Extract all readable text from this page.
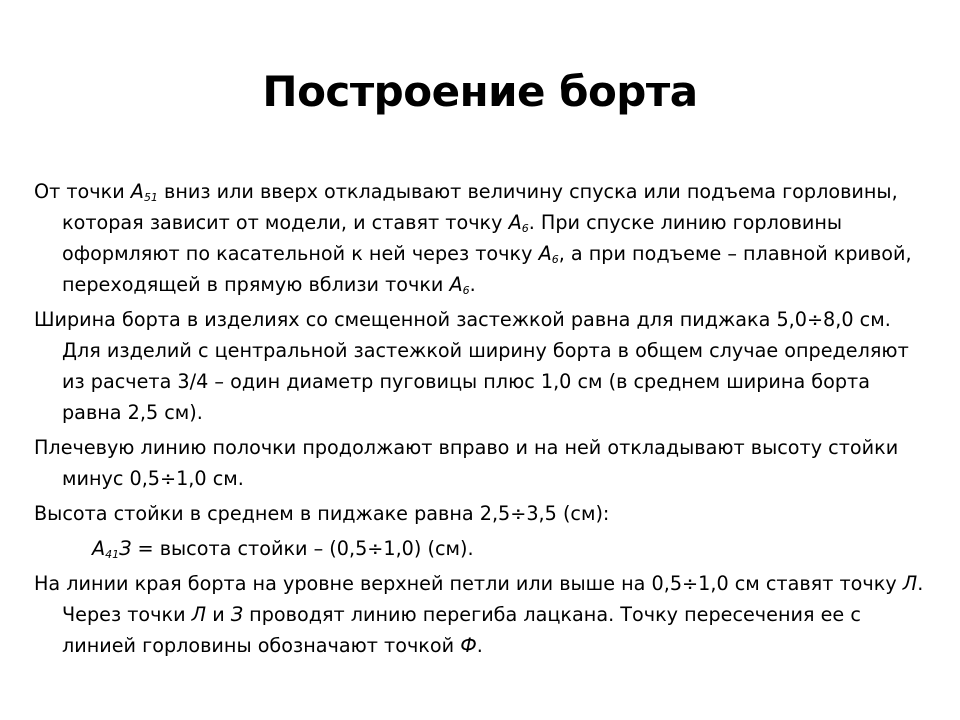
Построение борта

От точки $А_{51}$ вниз или вверх откладывают величину спуска или подъема горловины, которая зависит от модели, и ставят точку $А_6$. При спуске линию горловины оформляют по касательной к ней через точку $А_6$, а при подъеме – плавной кривой, переходящей в прямую вблизи точки $А_6$.

Ширина борта в изделиях со смещенной застежкой равна для пиджака 5,0÷8,0 см. Для изделий с центральной застежкой ширину борта в общем случае определяют из расчета 3/4 – один диаметр пуговицы плюс 1,0 см (в среднем ширина борта равна 2,5 см).

Плечевую линию полочки продолжают вправо и на ней откладывают высоту стойки минус 0,5÷1,0 см.

Высота стойки в среднем в пиджаке равна 2,5÷3,5 (см):

$А_{41}З$ = высота стойки – (0,5÷1,0) (см).

На линии края борта на уровне верхней петли или выше на 0,5÷1,0 см ставят точку Л. Через точки Л и З проводят линию перегиба лацкана. Точку пересечения ее с линией горловины обозначают точкой Ф.
